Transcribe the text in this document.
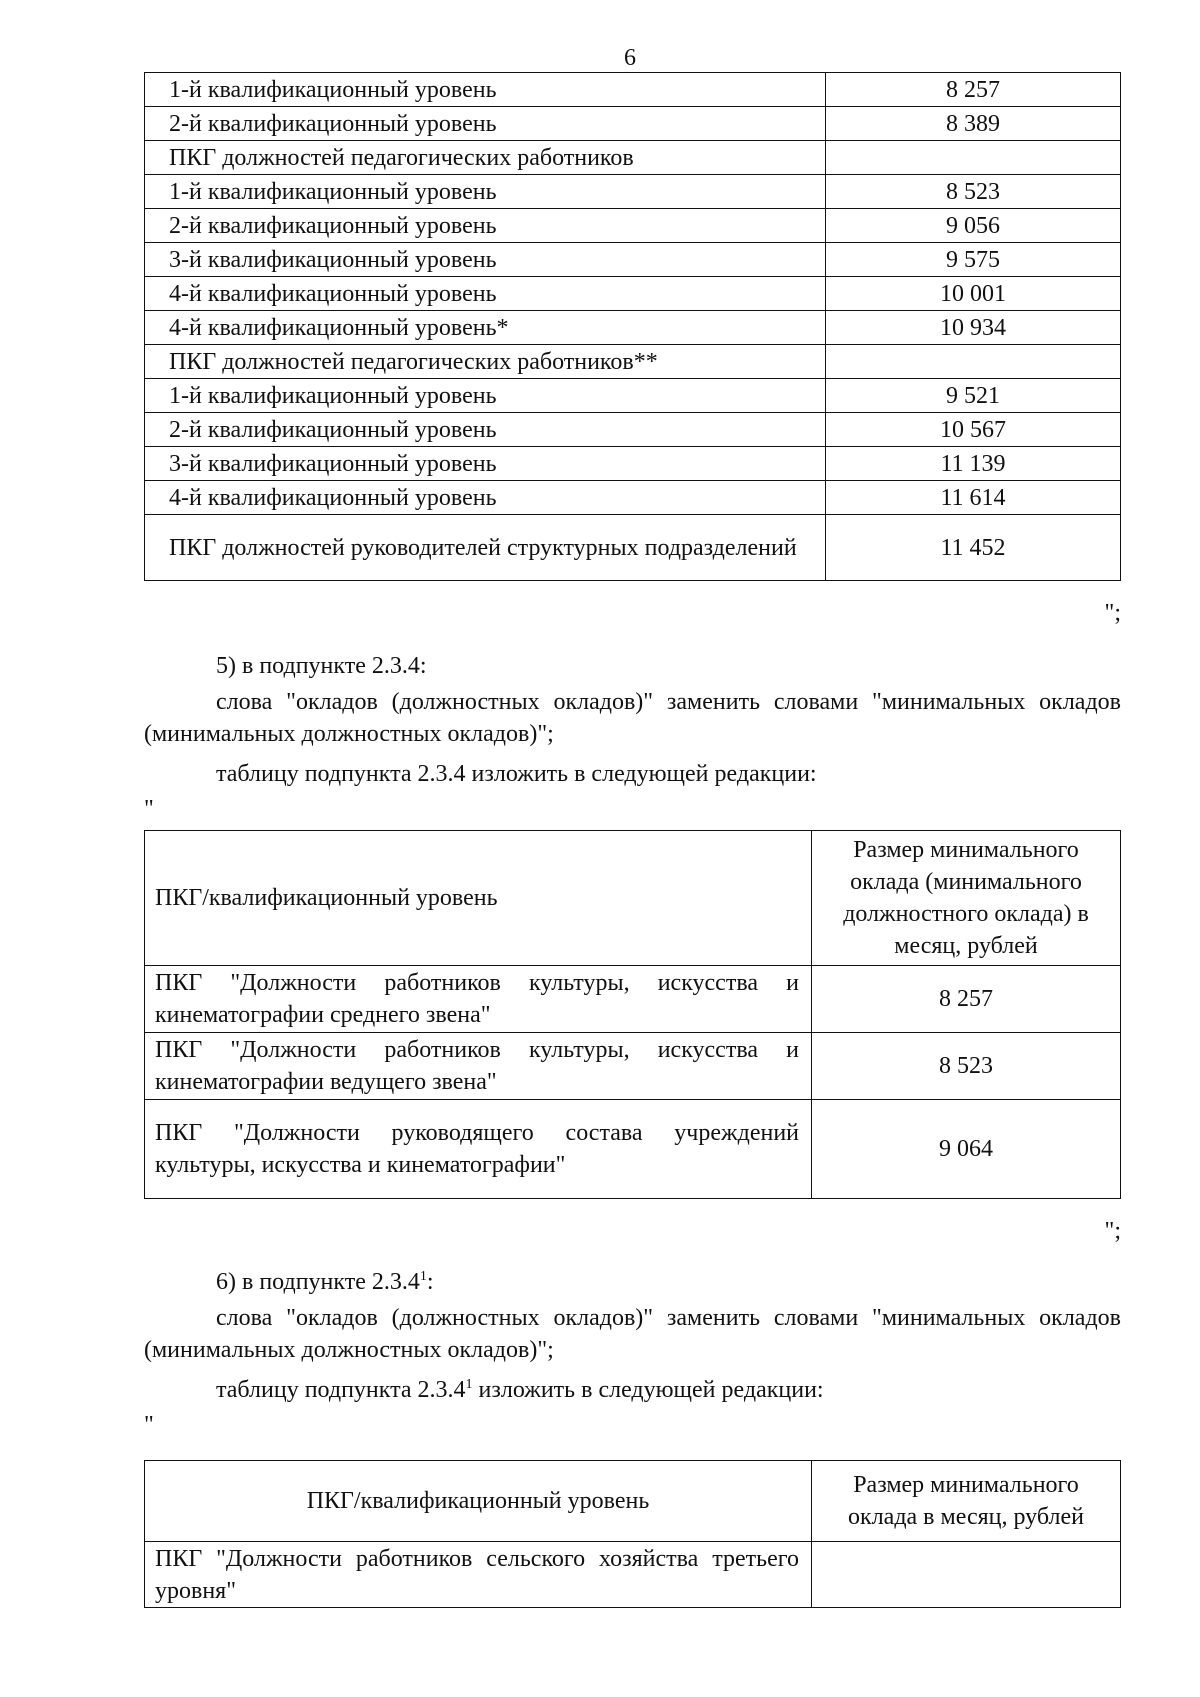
6
1-й квалификационный уровень	8 257
2-й квалификационный уровень	8 389
ПКГ должностей педагогических работников	
1-й квалификационный уровень	8 523
2-й квалификационный уровень	9 056
3-й квалификационный уровень	9 575
4-й квалификационный уровень	10 001
4-й квалификационный уровень*	10 934
ПКГ должностей педагогических работников**	
1-й квалификационный уровень	9 521
2-й квалификационный уровень	10 567
3-й квалификационный уровень	11 139
4-й квалификационный уровень	11 614
ПКГ должностей руководителей структурных подразделений	11 452
";
5) в подпункте 2.3.4:
слова "окладов (должностных окладов)" заменить словами "минимальных окладов (минимальных должностных окладов)";
таблицу подпункта 2.3.4 изложить в следующей редакции:
"
ПКГ/квалификационный уровень	Размер минимального оклада (минимального должностного оклада) в месяц, рублей
ПКГ "Должности работников культуры, искусства и кинематографии среднего звена"	8 257
ПКГ "Должности работников культуры, искусства и кинематографии ведущего звена"	8 523
ПКГ "Должности руководящего состава учреждений культуры, искусства и кинематографии"	9 064
";
6) в подпункте 2.3.4$^1$:
слова "окладов (должностных окладов)" заменить словами "минимальных окладов (минимальных должностных окладов)";
таблицу подпункта 2.3.4$^1$ изложить в следующей редакции:
"
ПКГ/квалификационный уровень	Размер минимального оклада в месяц, рублей
ПКГ "Должности работников сельского хозяйства третьего уровня"	
